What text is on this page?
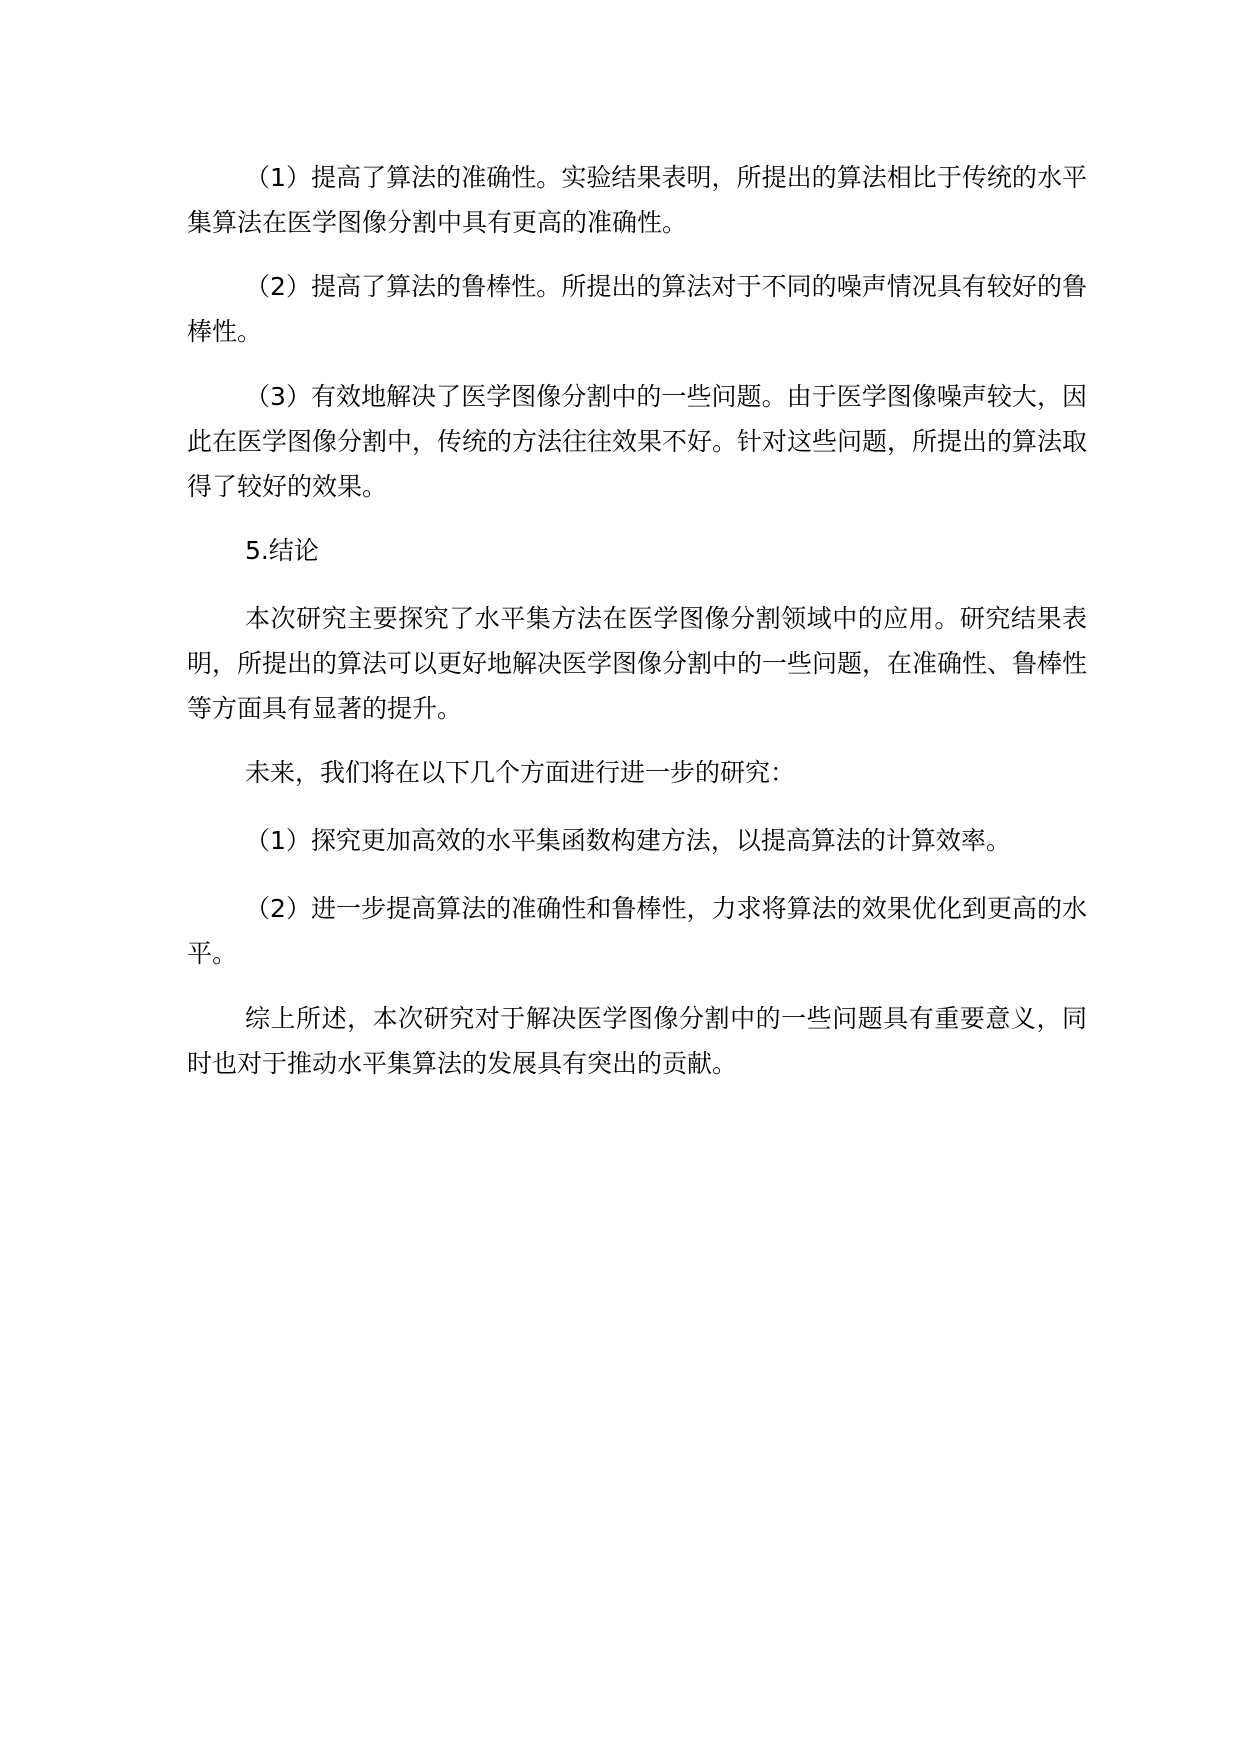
（1）提高了算法的准确性。实验结果表明，所提出的算法相比于传统的水平集算法在医学图像分割中具有更高的准确性。

（2）提高了算法的鲁棒性。所提出的算法对于不同的噪声情况具有较好的鲁棒性。

（3）有效地解决了医学图像分割中的一些问题。由于医学图像噪声较大，因此在医学图像分割中，传统的方法往往效果不好。针对这些问题，所提出的算法取得了较好的效果。

5.结论

本次研究主要探究了水平集方法在医学图像分割领域中的应用。研究结果表明，所提出的算法可以更好地解决医学图像分割中的一些问题，在准确性、鲁棒性等方面具有显著的提升。

未来，我们将在以下几个方面进行进一步的研究：

（1）探究更加高效的水平集函数构建方法，以提高算法的计算效率。

（2）进一步提高算法的准确性和鲁棒性，力求将算法的效果优化到更高的水平。

综上所述，本次研究对于解决医学图像分割中的一些问题具有重要意义，同时也对于推动水平集算法的发展具有突出的贡献。
